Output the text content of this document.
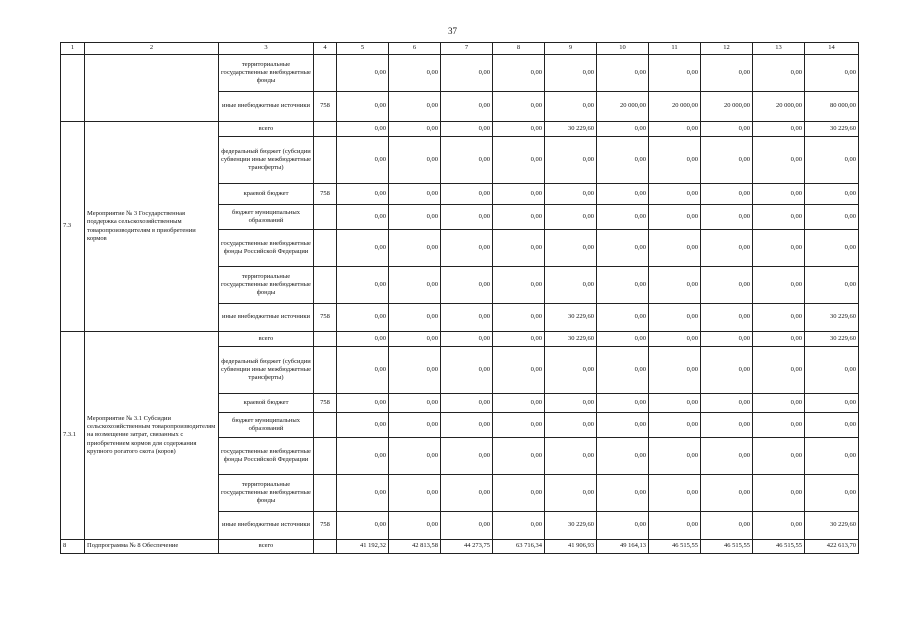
37
1	2	3	4	5	6	7	8	9	10	11	12	13	14
		территориальные государственные внебюджетные фонды		0,00	0,00	0,00	0,00	0,00	0,00	0,00	0,00	0,00	0,00
		иные внебюджетные источники	758	0,00	0,00	0,00	0,00	0,00	20 000,00	20 000,00	20 000,00	20 000,00	80 000,00
7.3	Мероприятие № 3 Государственная поддержка сельскохозяйственным товаропроизводителям в приобретении кормов	всего		0,00	0,00	0,00	0,00	30 229,60	0,00	0,00	0,00	0,00	30 229,60
		федеральный бюджет (субсидии субвенции иные межбюджетные трансферты)		0,00	0,00	0,00	0,00	0,00	0,00	0,00	0,00	0,00	0,00
		краевой бюджет	758	0,00	0,00	0,00	0,00	0,00	0,00	0,00	0,00	0,00	0,00
		бюджет муниципальных образований		0,00	0,00	0,00	0,00	0,00	0,00	0,00	0,00	0,00	0,00
		государственные внебюджетные фонды Российской Федерации		0,00	0,00	0,00	0,00	0,00	0,00	0,00	0,00	0,00	0,00
		территориальные государственные внебюджетные фонды		0,00	0,00	0,00	0,00	0,00	0,00	0,00	0,00	0,00	0,00
		иные внебюджетные источники	758	0,00	0,00	0,00	0,00	30 229,60	0,00	0,00	0,00	0,00	30 229,60
7.3.1	Мероприятие № 3.1 Субсидии сельскохозяйственным товаропроизводителям на возмещение затрат, связанных с приобретением кормов для содержания крупного рогатого скота (коров)	всего		0,00	0,00	0,00	0,00	30 229,60	0,00	0,00	0,00	0,00	30 229,60
		федеральный бюджет (субсидии субвенции иные межбюджетные трансферты)		0,00	0,00	0,00	0,00	0,00	0,00	0,00	0,00	0,00	0,00
		краевой бюджет	758	0,00	0,00	0,00	0,00	0,00	0,00	0,00	0,00	0,00	0,00
		бюджет муниципальных образований		0,00	0,00	0,00	0,00	0,00	0,00	0,00	0,00	0,00	0,00
		государственные внебюджетные фонды Российской Федерации		0,00	0,00	0,00	0,00	0,00	0,00	0,00	0,00	0,00	0,00
		территориальные государственные внебюджетные фонды		0,00	0,00	0,00	0,00	0,00	0,00	0,00	0,00	0,00	0,00
		иные внебюджетные источники	758	0,00	0,00	0,00	0,00	30 229,60	0,00	0,00	0,00	0,00	30 229,60
8	Подпрограмма № 8 Обеспечение	всего		41 192,32	42 813,58	44 273,75	63 716,34	41 906,93	49 164,13	46 515,55	46 515,55	46 515,55	422 613,70
